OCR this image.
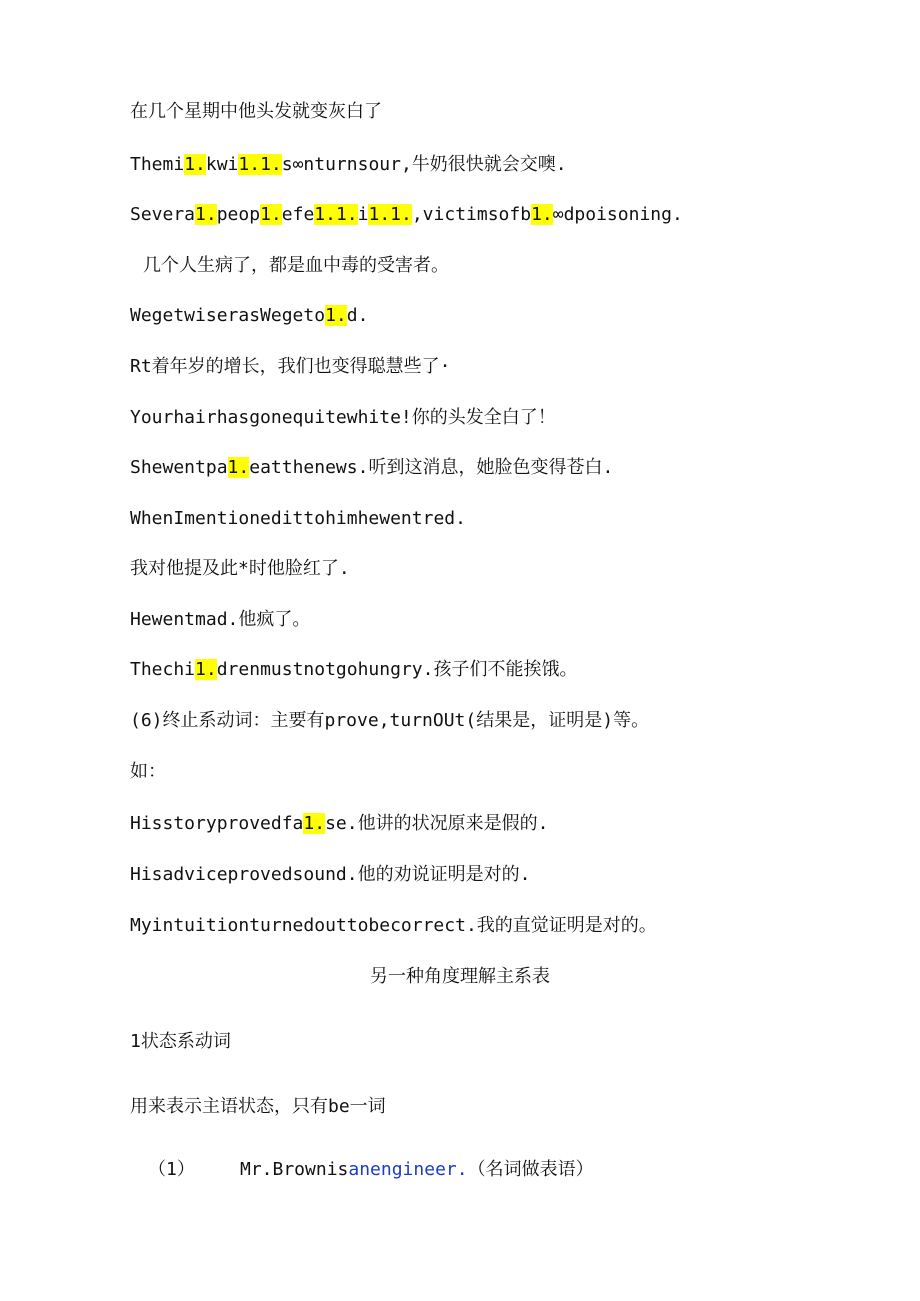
在几个星期中他头发就变灰白了
Themi1.kwi1.1.s∞nturnsour,牛奶很快就会交噢.
Severa1.peop1.efe1.1.i1.1.,victimsofb1.∞dpoisoning.
几个人生病了，都是血中毒的受害者。
WegetwiserasWegeto1.d.
Rt着年岁的增长，我们也变得聪慧些了·
Yourhairhasgonequitewhite!你的头发全白了！
Shewentpa1.eatthenews.听到这消息，她脸色变得苍白.
WhenImentionedittohimhewentred.
我对他提及此*时他脸红了.
Hewentmad.他疯了。
Thechi1.drenmustnotgohungry.孩子们不能挨饿。
(6)终止系动词：主要有prove,turnOUt(结果是，证明是)等。
如：
Hisstoryprovedfa1.se.他讲的状况原来是假的.
Hisadviceprovedsound.他的劝说证明是对的.
Myintuitionturnedouttobecorrect.我的直觉证明是对的。
另一种角度理解主系表
1状态系动词
用来表示主语状态，只有be一词
（1）	Mr.Brownisanengineer.（名词做表语）
